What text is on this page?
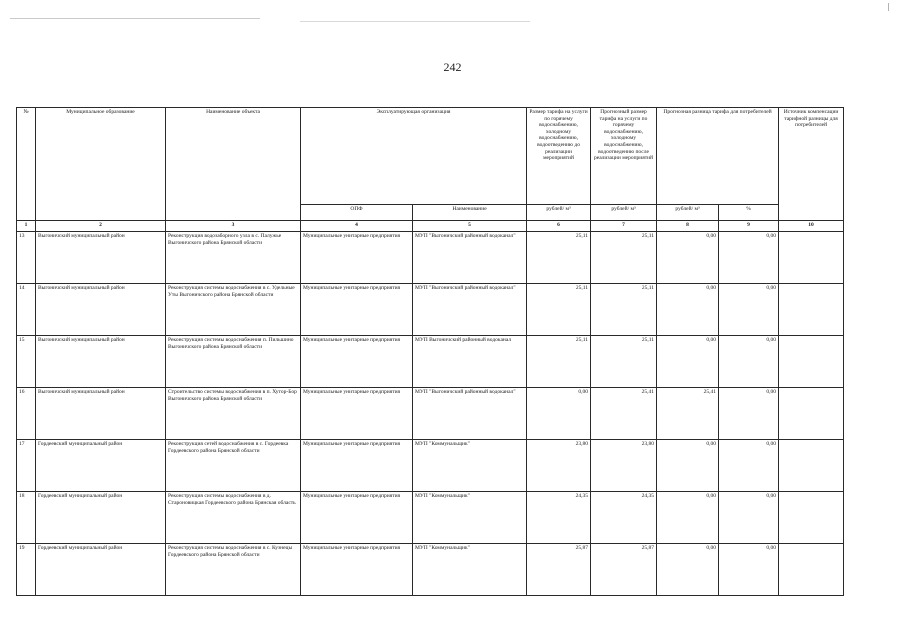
242
№	Муниципальное образование	Наименование объекта	Эксплуатирующая организация		Размер тарифа на услуги по горячему водоснабжению, холодному водоснабжению, водоотведению до реализации мероприятий	Прогнозный размер тарифа на услуги по горячему водоснабжению, холодному водоснабжению, водоотведению после реализации мероприятий	Прогнозная разница тарифа для потребителей		Источник компенсации тарифной разницы для потребителей
			ОПФ	Наименование	рублей/ м³	рублей/ м³	рублей/ м³	%	
1	2	3	4	5	6	7	8	9	10
13	Выгоничский муниципальный район	Реконструкция водозаборного узла в с. Палужье Выгоничского района Брянской области	Муниципальные унитарные предприятия	МУП "Выгоничский районный водоканал"	25,11	25,11	0,00	0,00	
14	Выгоничский муниципальный район	Реконструкция системы водоснабжения в с. Удельные Уты Выгоничского района Брянской области	Муниципальные унитарные предприятия	МУП "Выгоничский районный водоканал"	25,11	25,11	0,00	0,00	
15	Выгоничский муниципальный район	Реконструкция системы водоснабжения п. Пильшино Выгоничского района Брянской области	Муниципальные унитарные предприятия	МУП Выгоничский районный водоканал	25,11	25,11	0,00	0,00	
16	Выгоничский муниципальный район	Строительство системы водоснабжения в п. Хутор-Бор Выгоничского района Брянской области	Муниципальные унитарные предприятия	МУП "Выгоничский районный водоканал"	0,00	25,41	25,41	0,00	
17	Гордеевский муниципальный район	Реконструкция сетей водоснабжения в с. Гордеевка Гордеевского района Брянской области	Муниципальные унитарные предприятия	МУП "Коммунальщик"	23,80	23,80	0,00	0,00	
18	Гордеевский муниципальный район	Реконструкция системы водоснабжения в д. Староновицкая Гордеевского района Брянская область	Муниципальные унитарные предприятия	МУП "Коммунальщик"	24,35	24,35	0,00	0,00	
19	Гордеевский муниципальный район	Реконструкция системы водоснабжения в с. Кузнецы Гордеевского района Брянской области	Муниципальные унитарные предприятия	МУП "Коммунальщик"	25,87	25,87	0,00	0,00	
